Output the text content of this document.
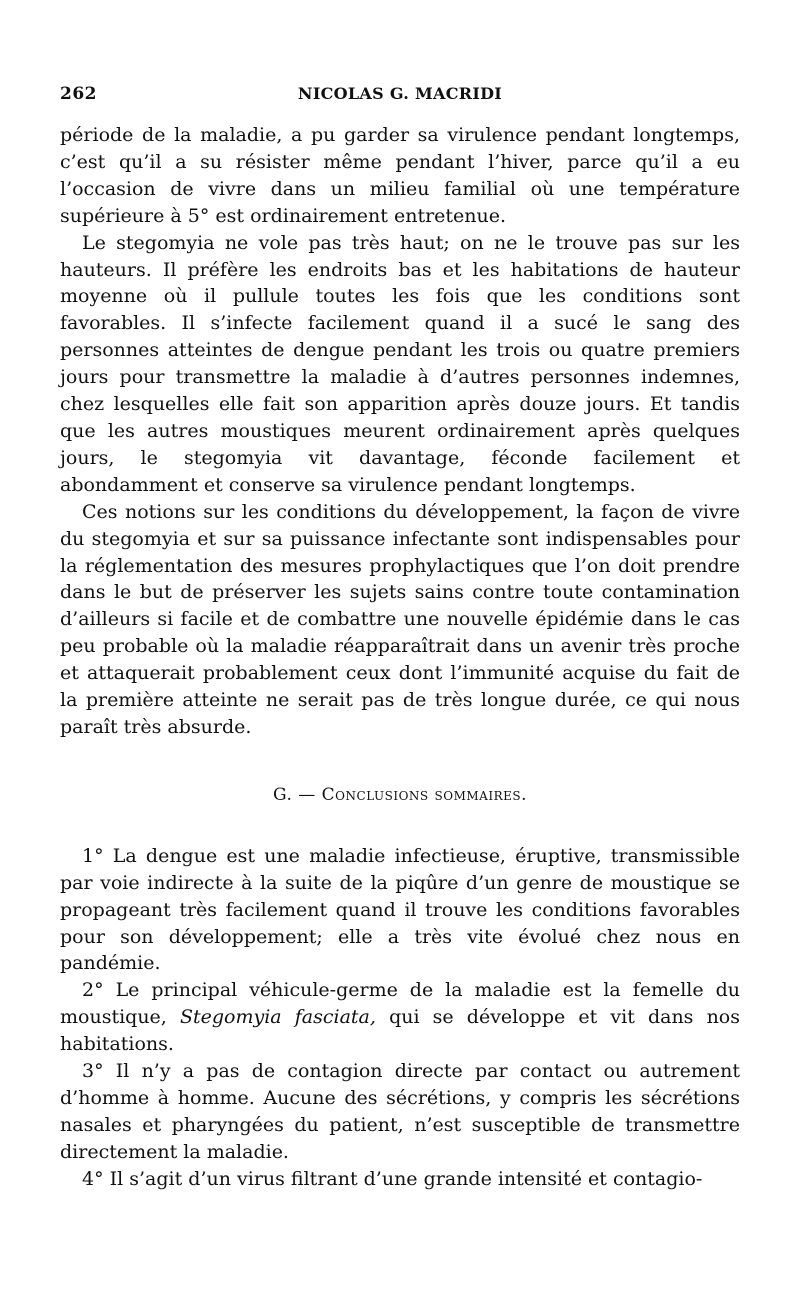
262	NICOLAS G. MACRIDI

période de la maladie, a pu garder sa virulence pendant longtemps, c’est qu’il a su résister même pendant l’hiver, parce qu’il a eu l’occasion de vivre dans un milieu familial où une température supérieure à 5° est ordinairement entretenue.

Le stegomyia ne vole pas très haut; on ne le trouve pas sur les hauteurs. Il préfère les endroits bas et les habitations de hauteur moyenne où il pullule toutes les fois que les conditions sont favorables. Il s’infecte facilement quand il a sucé le sang des personnes atteintes de dengue pendant les trois ou quatre premiers jours pour transmettre la maladie à d’autres personnes indemnes, chez lesquelles elle fait son apparition après douze jours. Et tandis que les autres moustiques meurent ordinairement après quelques jours, le stegomyia vit davantage, féconde facilement et abondamment et conserve sa virulence pendant longtemps.

Ces notions sur les conditions du développement, la façon de vivre du stegomyia et sur sa puissance infectante sont indispensables pour la réglementation des mesures prophylactiques que l’on doit prendre dans le but de préserver les sujets sains contre toute contamination d’ailleurs si facile et de combattre une nouvelle épidémie dans le cas peu probable où la maladie réapparaîtrait dans un avenir très proche et attaquerait probablement ceux dont l’immunité acquise du fait de la première atteinte ne serait pas de très longue durée, ce qui nous paraît très absurde.

G. — Conclusions sommaires.

1° La dengue est une maladie infectieuse, éruptive, transmissible par voie indirecte à la suite de la piqûre d’un genre de moustique se propageant très facilement quand il trouve les conditions favorables pour son développement; elle a très vite évolué chez nous en pandémie.

2° Le principal véhicule-germe de la maladie est la femelle du moustique, Stegomyia fasciata, qui se développe et vit dans nos habitations.

3° Il n’y a pas de contagion directe par contact ou autrement d’homme à homme. Aucune des sécrétions, y compris les sécrétions nasales et pharyngées du patient, n’est susceptible de transmettre directement la maladie.

4° Il s’agit d’un virus filtrant d’une grande intensité et contagio-
